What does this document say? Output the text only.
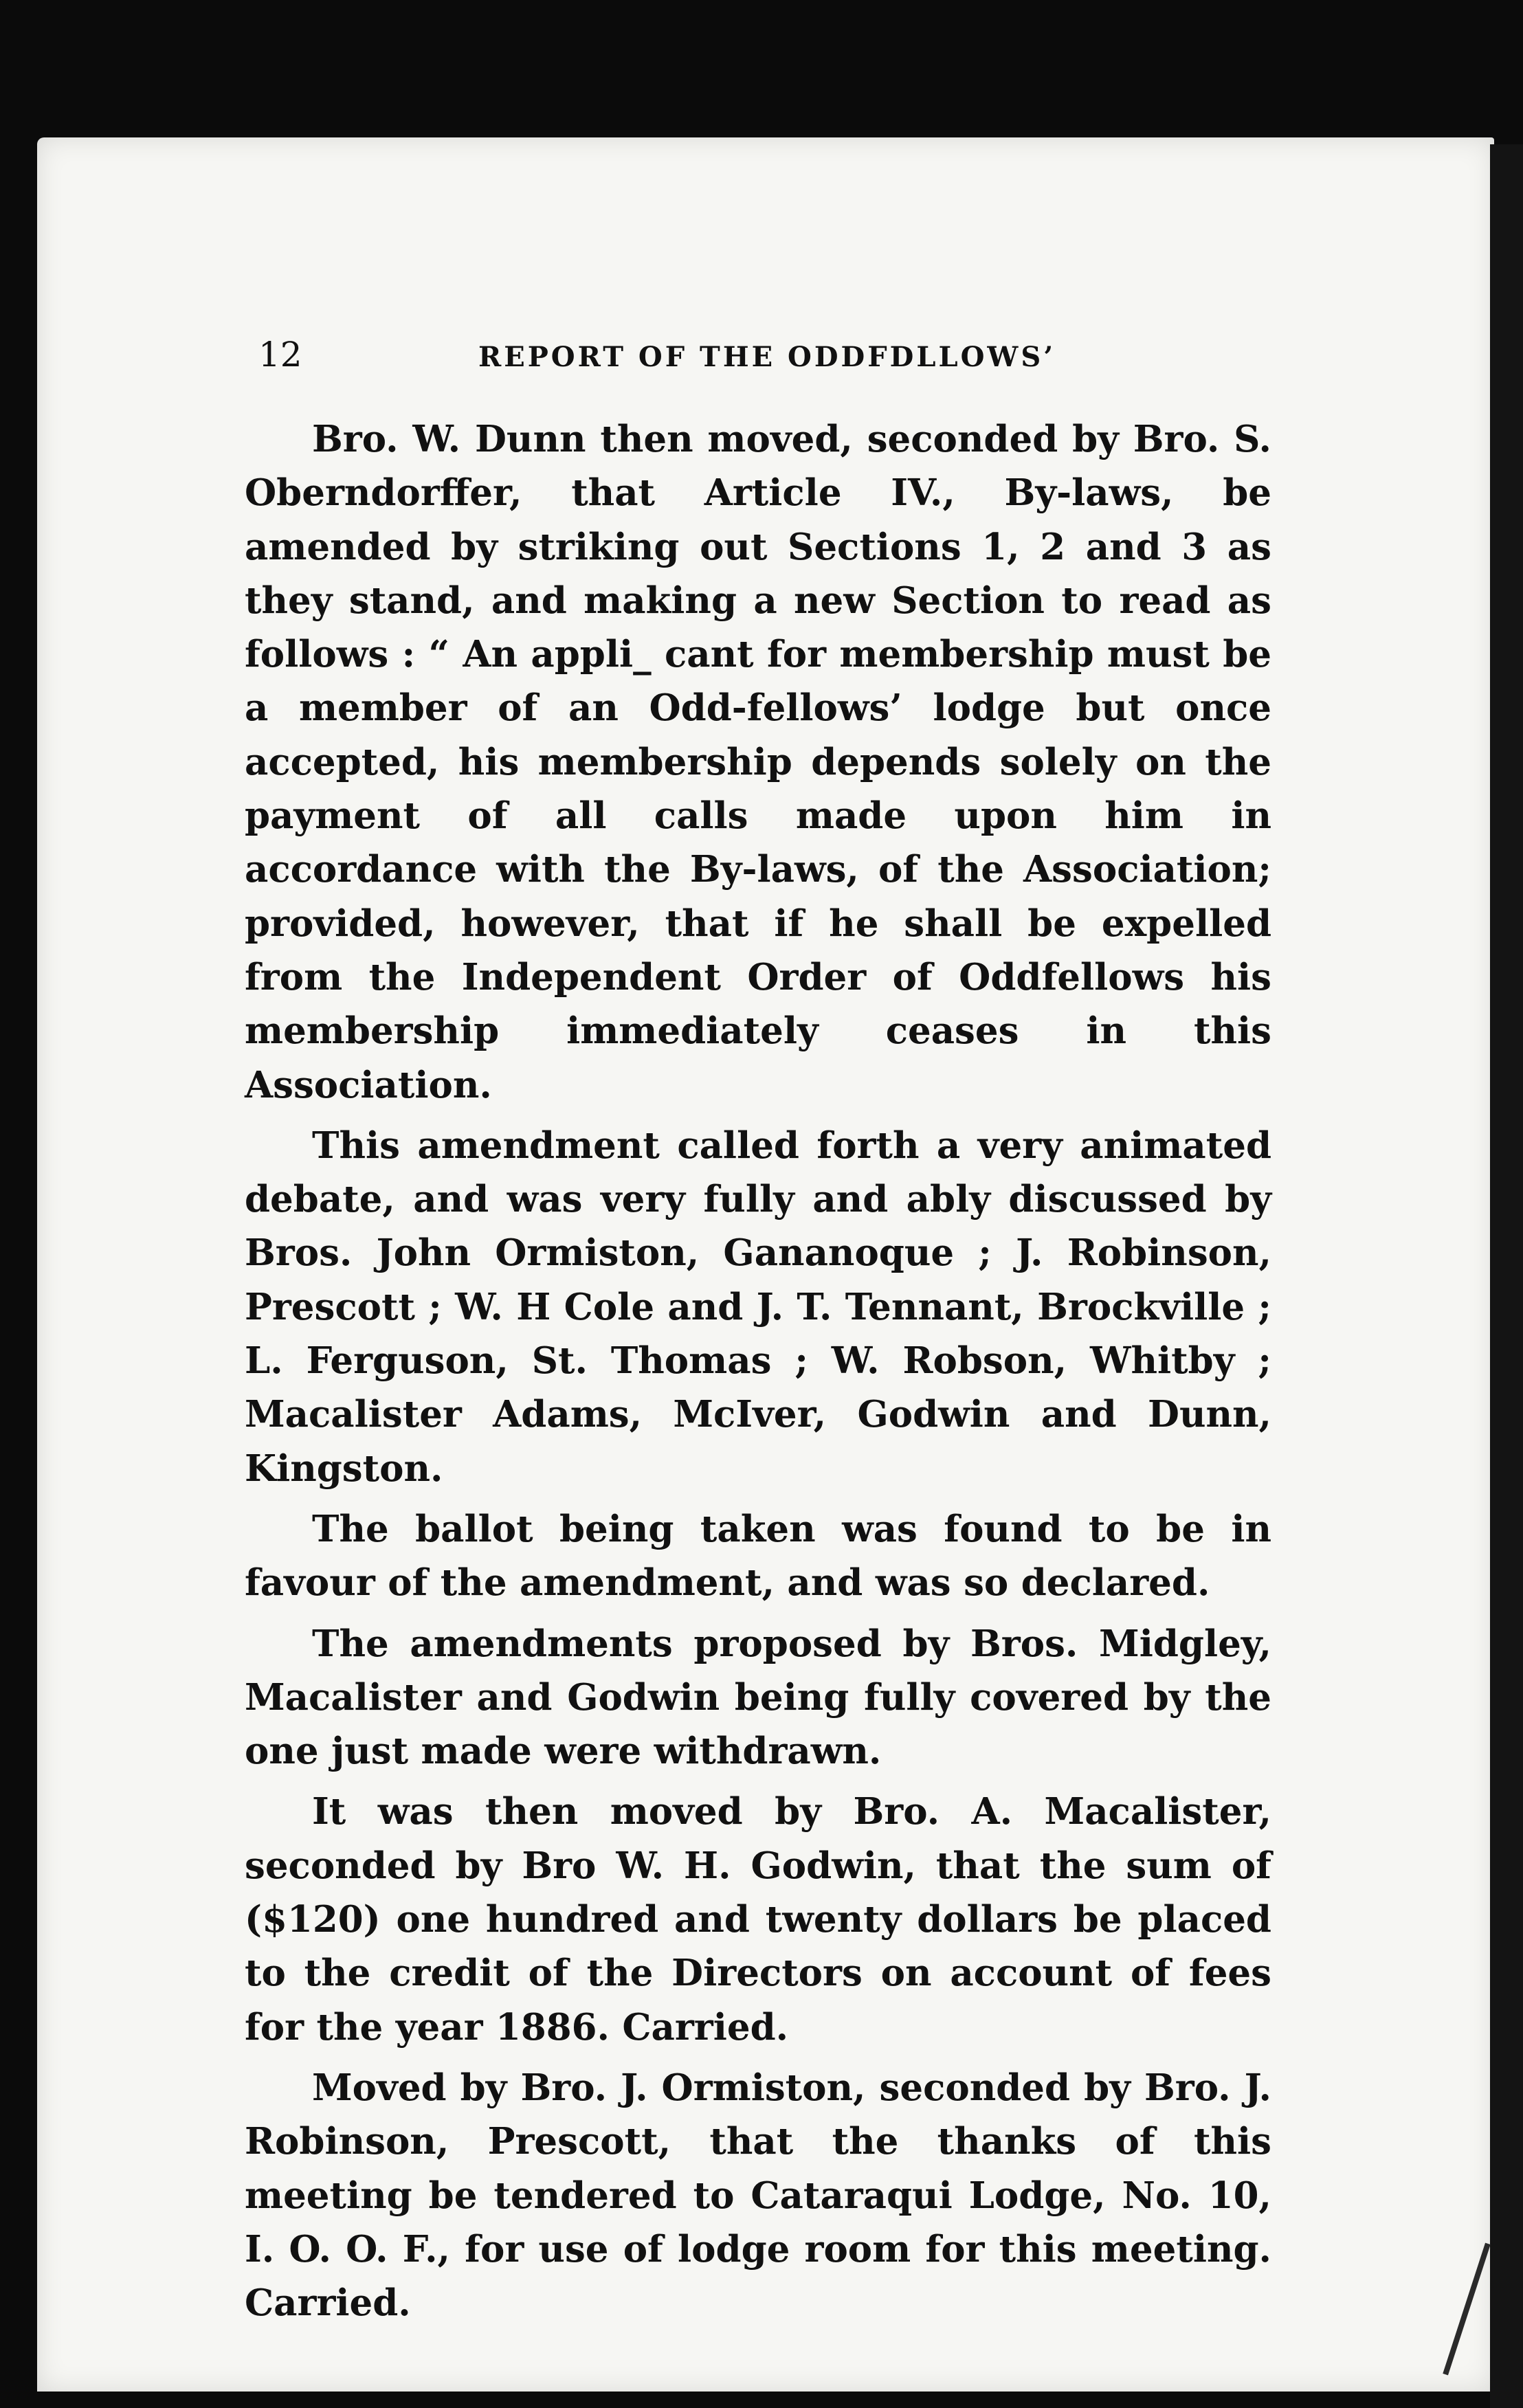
12	REPORT OF THE ODDFDLLOWS’

Bro. W. Dunn then moved, seconded by Bro. S. Oberndorffer, that Article IV., By-laws, be amended by striking out Sections 1, 2 and 3 as they stand, and making a new Section to read as follows : “ An appli_ cant for membership must be a member of an Odd-fellows’ lodge but once accepted, his membership depends solely on the payment of all calls made upon him in accordance with the By-laws, of the Association; provided, however, that if he shall be expelled from the Independent Order of Oddfellows his membership immediately ceases in this Association.

This amendment called forth a very animated debate, and was very fully and ably discussed by Bros. John Ormiston, Gananoque ; J. Robinson, Prescott ; W. H Cole and J. T. Tennant, Brockville ; L. Ferguson, St. Thomas ; W. Robson, Whitby ; Macalister Adams, McIver, Godwin and Dunn, Kingston.

The ballot being taken was found to be in favour of the amendment, and was so declared.

The amendments proposed by Bros. Midgley, Macalister and Godwin being fully covered by the one just made were withdrawn.

It was then moved by Bro. A. Macalister, seconded by Bro W. H. Godwin, that the sum of ($120) one hundred and twenty dollars be placed to the credit of the Directors on account of fees for the year 1886. Carried.

Moved by Bro. J. Ormiston, seconded by Bro. J. Robinson, Prescott, that the thanks of this meeting be tendered to Cataraqui Lodge, No. 10, I. O. O. F., for use of lodge room for this meeting. Carried.
